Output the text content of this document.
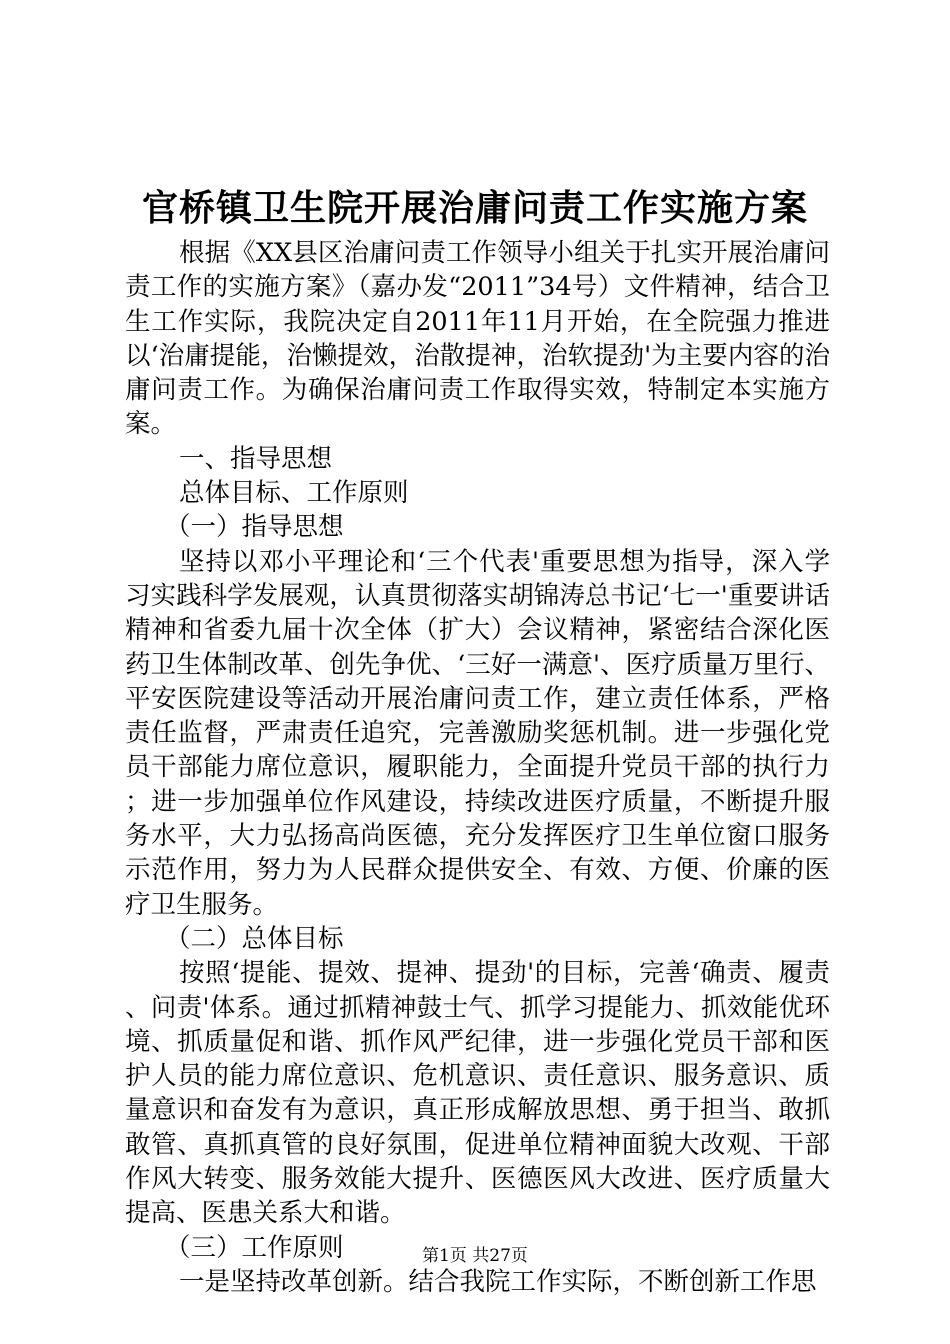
官桥镇卫生院开展治庸问责工作实施方案

根据《XX县区治庸问责工作领导小组关于扎实开展治庸问责工作的实施方案》（嘉办发“2011”34号）文件精神，结合卫生工作实际，我院决定自2011年11月开始，在全院强力推进以‘治庸提能，治懒提效，治散提神，治软提劲'为主要内容的治庸问责工作。为确保治庸问责工作取得实效，特制定本实施方案。

一、指导思想

总体目标、工作原则

（一）指导思想

坚持以邓小平理论和‘三个代表'重要思想为指导，深入学习实践科学发展观，认真贯彻落实胡锦涛总书记‘七一'重要讲话精神和省委九届十次全体（扩大）会议精神，紧密结合深化医药卫生体制改革、创先争优、‘三好一满意'、医疗质量万里行、平安医院建设等活动开展治庸问责工作，建立责任体系，严格责任监督，严肃责任追究，完善激励奖惩机制。进一步强化党员干部能力席位意识，履职能力，全面提升党员干部的执行力；进一步加强单位作风建设，持续改进医疗质量，不断提升服务水平，大力弘扬高尚医德，充分发挥医疗卫生单位窗口服务示范作用，努力为人民群众提供安全、有效、方便、价廉的医疗卫生服务。

（二）总体目标

按照‘提能、提效、提神、提劲'的目标，完善‘确责、履责、问责'体系。通过抓精神鼓士气、抓学习提能力、抓效能优环境、抓质量促和谐、抓作风严纪律，进一步强化党员干部和医护人员的能力席位意识、危机意识、责任意识、服务意识、质量意识和奋发有为意识，真正形成解放思想、勇于担当、敢抓敢管、真抓真管的良好氛围，促进单位精神面貌大改观、干部作风大转变、服务效能大提升、医德医风大改进、医疗质量大提高、医患关系大和谐。

（三）工作原则

一是坚持改革创新。结合我院工作实际，不断创新工作思

第1页 共27页
